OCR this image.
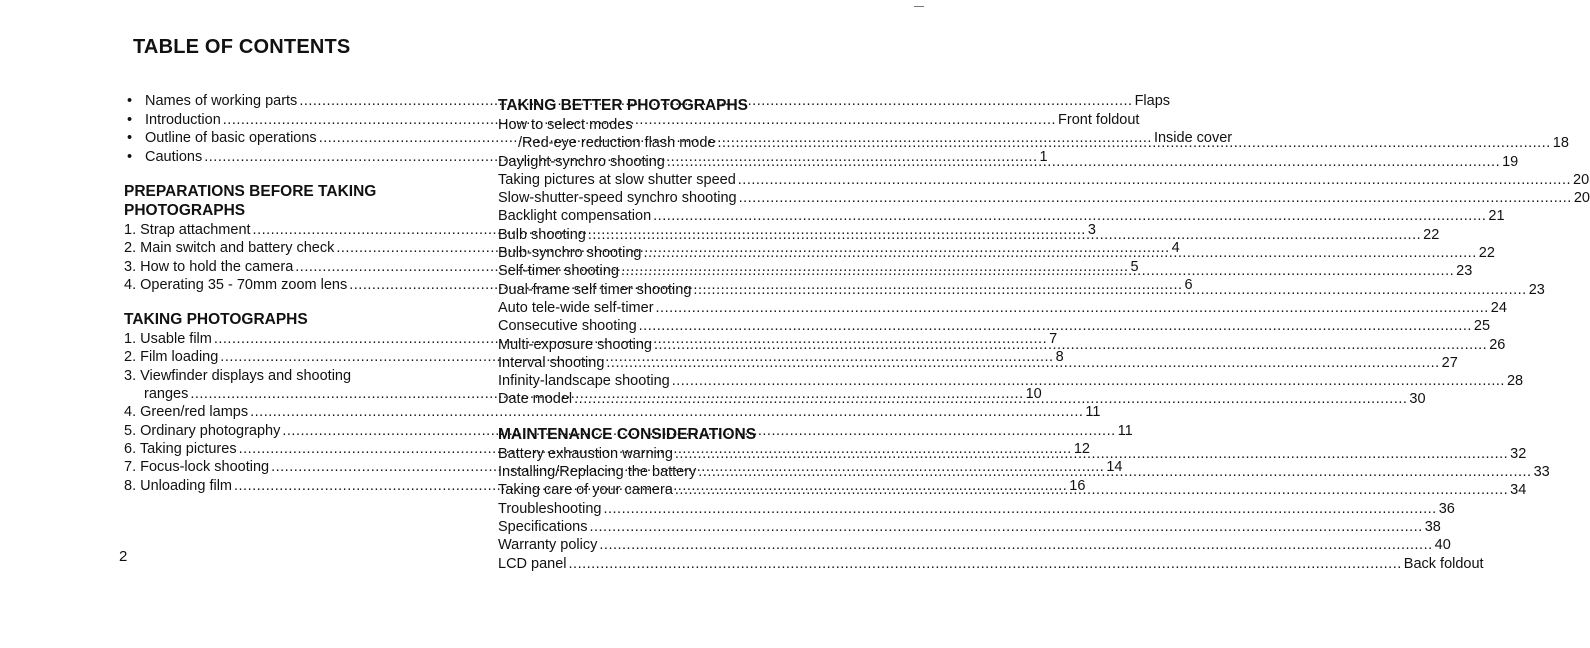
TABLE OF CONTENTS
• Names of working parts .....	Flaps
• Introduction .....	Front foldout
• Outline of basic operations .....	Inside cover
• Cautions .....	1
PREPARATIONS BEFORE TAKING PHOTOGRAPHS
1. Strap attachment .....	3
2. Main switch and battery check .....	4
3. How to hold the camera .....	5
4. Operating 35 - 70mm zoom lens .....	6
TAKING PHOTOGRAPHS
1. Usable film .....	7
2. Film loading .....	8
3. Viewfinder displays and shooting
ranges .....	10
4. Green/red lamps .....	11
5. Ordinary photography .....	11
6. Taking pictures .....	12
7. Focus-lock shooting .....	14
8. Unloading film .....	16
TAKING BETTER PHOTOGRAPHS
How to select modes
/Red-eye reduction flash mode .....	18
Daylight-synchro shooting .....	19
Taking pictures at slow shutter speed .....	20
Slow-shutter-speed synchro shooting .....	20
Backlight compensation .....	21
Bulb shooting .....	22
Bulb-synchro shooting .....	22
Self-timer shooting .....	23
Dual-frame self timer shooting .....	23
Auto tele-wide self-timer .....	24
Consecutive shooting .....	25
Multi-exposure shooting .....	26
Interval shooting .....	27
Infinity-landscape shooting .....	28
Date model .....	30
MAINTENANCE CONSIDERATIONS
Battery exhaustion warning .....	32
Installing/Replacing the battery .....	33
Taking care of your camera .....	34
Troubleshooting .....	36
Specifications .....	38
Warranty policy .....	40
LCD panel .....	Back foldout
2
